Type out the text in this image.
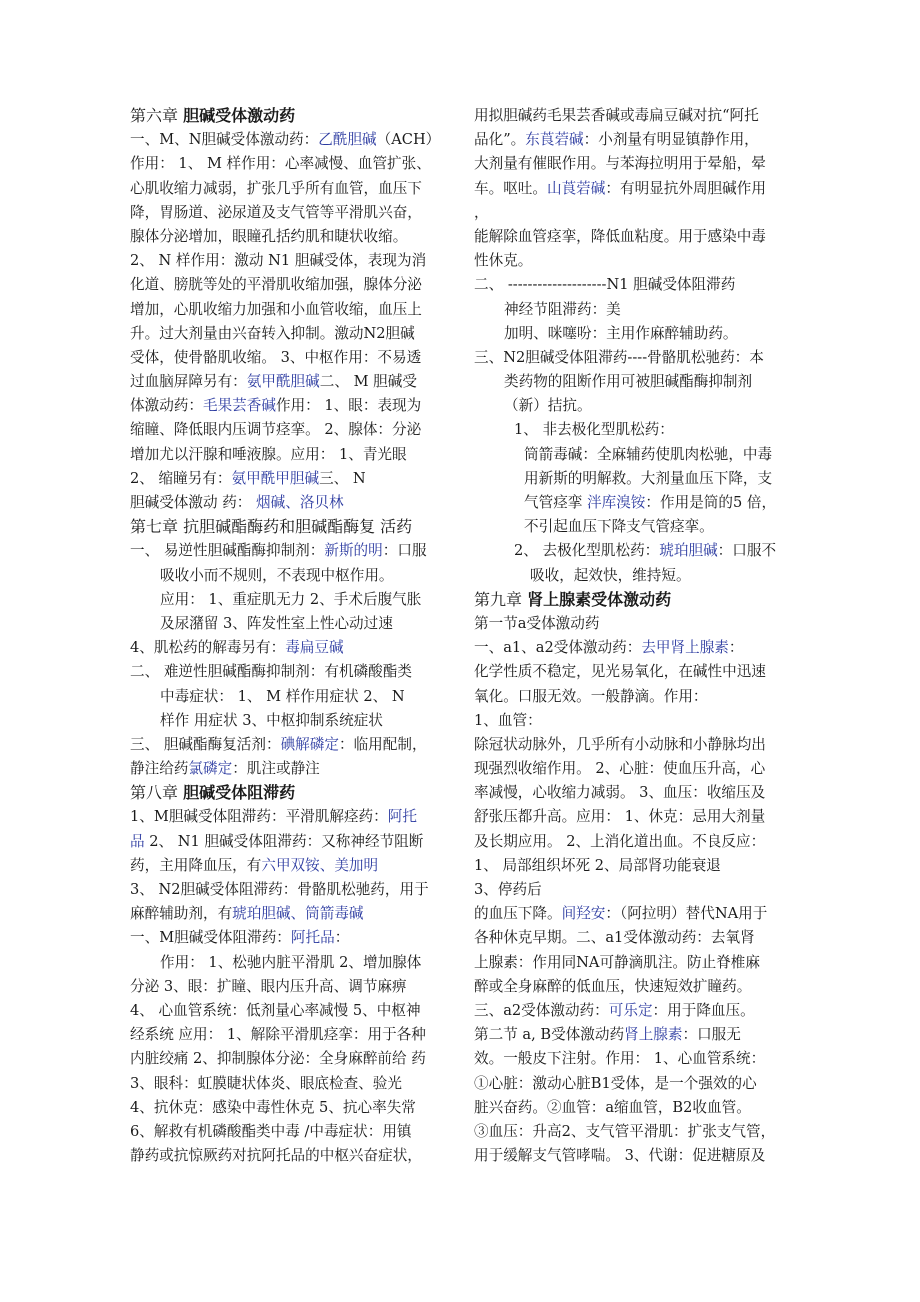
第六章 胆碱受体激动药
一、M、N胆碱受体激动药：乙酰胆碱（ACH）
作用： 1、 M 样作用：心率减慢、血管扩张、
心肌收缩力减弱，扩张几乎所有血管，血压下
降，胃肠道、泌尿道及支气管等平滑肌兴奋，
腺体分泌增加，眼瞳孔括约肌和睫状收缩。
2、 N 样作用：激动 N1 胆碱受体，表现为消
化道、膀胱等处的平滑肌收缩加强，腺体分泌
增加，心肌收缩力加强和小血管收缩，血压上
升。过大剂量由兴奋转入抑制。激动N2胆碱
受体，使骨骼肌收缩。 3、中枢作用：不易透
过血脑屏障另有：氨甲酰胆碱二、 M 胆碱受
体激动药：毛果芸香碱作用： 1、眼：表现为
缩瞳、降低眼内压调节痉挛。 2、腺体：分泌
增加尤以汗腺和唾液腺。应用： 1、青光眼
2、 缩瞳另有：氨甲酰甲胆碱三、 N
胆碱受体激动 药： 烟碱、洛贝林
第七章 抗胆碱酯酶药和胆碱酯酶复 活药
一、 易逆性胆碱酯酶抑制剂：新斯的明：口服
吸收小而不规则，不表现中枢作用。
应用： 1、重症肌无力 2、手术后腹气胀
及尿潴留 3、阵发性室上性心动过速
4、肌松药的解毒另有：毒扁豆碱
二、 难逆性胆碱酯酶抑制剂：有机磷酸酯类
中毒症状： 1、 M 样作用症状 2、 N
样作 用症状 3、中枢抑制系统症状
三、 胆碱酯酶复活剂：碘解磷定：临用配制，
静注给药氯磷定：肌注或静注
第八章 胆碱受体阻滞药
1、M胆碱受体阻滞药：平滑肌解痉药：阿托
品 2、 N1 胆碱受体阻滞药：又称神经节阻断
药，主用降血压，有六甲双铵、美加明
3、 N2胆碱受体阻滞药：骨骼肌松驰药，用于
麻醉辅助剂，有琥珀胆碱、筒箭毒碱
一、M胆碱受体阻滞药：阿托品：
作用： 1、松驰内脏平滑肌 2、增加腺体
分泌 3、眼：扩瞳、眼内压升高、调节麻痹
4、 心血管系统：低剂量心率减慢 5、中枢神
经系统 应用： 1、解除平滑肌痉挛：用于各种
内脏绞痛 2、抑制腺体分泌：全身麻醉前给 药
3、眼科：虹膜睫状体炎、眼底检查、验光
4、抗休克：感染中毒性休克 5、抗心率失常
6、解救有机磷酸酯类中毒 /中毒症状：用镇
静药或抗惊厥药对抗阿托品的中枢兴奋症状，
用拟胆碱药毛果芸香碱或毒扁豆碱对抗“阿托
品化”。东莨菪碱：小剂量有明显镇静作用，
大剂量有催眠作用。与苯海拉明用于晕船，晕
车。呕吐。山莨菪碱：有明显抗外周胆碱作用
，
能解除血管痉挛，降低血粘度。用于感染中毒
性休克。
二、 --------------------N1 胆碱受体阻滞药
神经节阻滞药：美
加明、咪噻吩：主用作麻醉辅助药。
三、N2胆碱受体阻滞药----骨骼肌松驰药：本
类药物的阻断作用可被胆碱酯酶抑制剂
（新）拮抗。
1、 非去极化型肌松药：
筒箭毒碱：全麻辅药使肌肉松驰，中毒
用新斯的明解救。大剂量血压下降，支
气管痉挛 泮库溴铵：作用是筒的5 倍，
不引起血压下降支气管痉挛。
2、 去极化型肌松药：琥珀胆碱：口服不
吸收，起效快，维持短。
第九章 肾上腺素受体激动药
第一节a受体激动药
一、a1、a2受体激动药：去甲肾上腺素：
化学性质不稳定，见光易氧化，在碱性中迅速
氧化。口服无效。一般静滴。作用：
1、血管：
除冠状动脉外，几乎所有小动脉和小静脉均出
现强烈收缩作用。 2、心脏：使血压升高，心
率减慢，心收缩力减弱。 3、血压：收缩压及
舒张压都升高。应用： 1、休克：忌用大剂量
及长期应用。 2、上消化道出血。不良反应：
1、 局部组织坏死 2、局部肾功能衰退
3、停药后
的血压下降。间羟安：（阿拉明）替代NA用于
各种休克早期。二、a1受体激动药：去氧肾
上腺素：作用同NA可静滴肌注。防止脊椎麻
醉或全身麻醉的低血压，快速短效扩瞳药。
三、a2受体激动药：可乐定：用于降血压。
第二节 a, B受体激动药肾上腺素：口服无
效。一般皮下注射。作用： 1、心血管系统：
①心脏：激动心脏B1受体，是一个强效的心
脏兴奋药。②血管：a缩血管，B2收血管。
③血压：升高2、支气管平滑肌：扩张支气管，
用于缓解支气管哮喘。 3、代谢：促进糖原及
